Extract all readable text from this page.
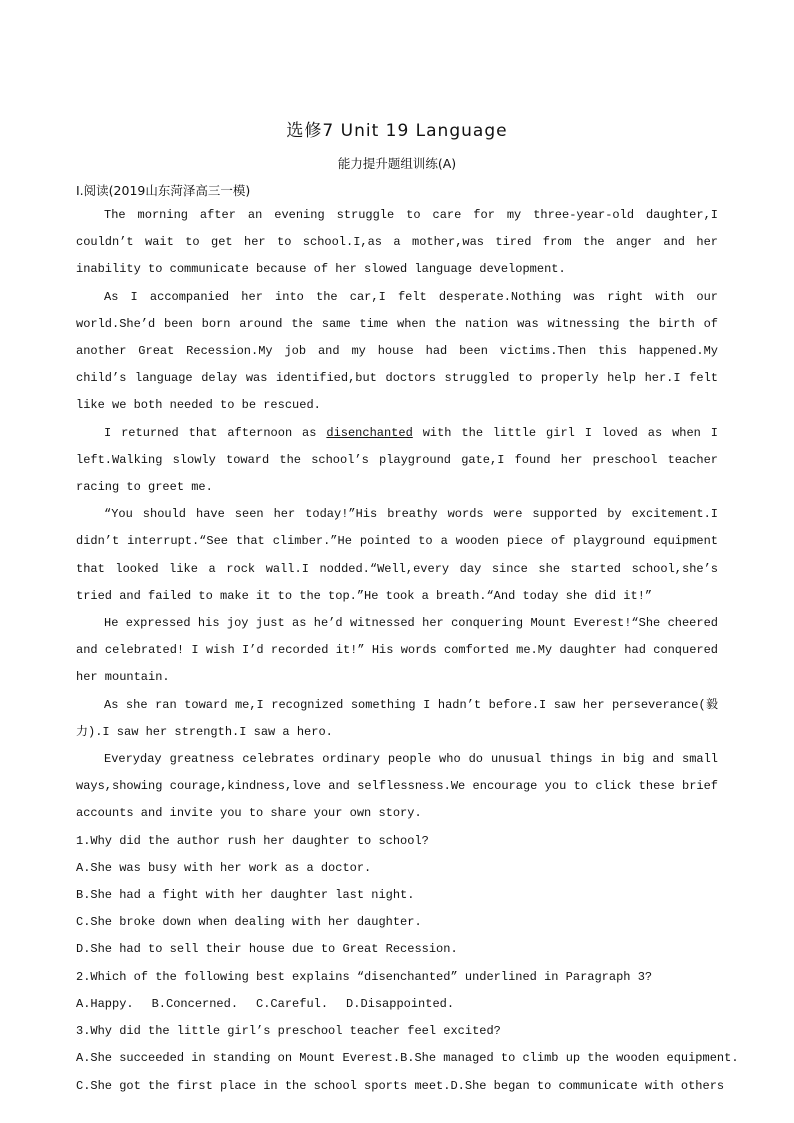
选修7 Unit 19 Language
能力提升题组训练(A)
Ⅰ.阅读(2019山东菏泽高三一模)

The morning after an evening struggle to care for my three-year-old daughter,I couldn’t wait to get her to school.I,as a mother,was tired from the anger and her inability to communicate because of her slowed language development.

As I accompanied her into the car,I felt desperate.Nothing was right with our world.She’d been born around the same time when the nation was witnessing the birth of another Great Recession.My job and my house had been victims.Then this happened.My child’s language delay was identified,but doctors struggled to properly help her.I felt like we both needed to be rescued.

I returned that afternoon as disenchanted with the little girl I loved as when I left.Walking slowly toward the school’s playground gate,I found her preschool teacher racing to greet me.

“You should have seen her today!”His breathy words were supported by excitement.I didn’t interrupt.“See that climber.”He pointed to a wooden piece of playground equipment that looked like a rock wall.I nodded.“Well,every day since she started school,she’s tried and failed to make it to the top.”He took a breath.“And today she did it!”

He expressed his joy just as he’d witnessed her conquering Mount Everest!“She cheered and celebrated! I wish I’d recorded it!” His words comforted me.My daughter had conquered her mountain.

As she ran toward me,I recognized something I hadn’t before.I saw her perseverance(毅力).I saw her strength.I saw a hero.

Everyday greatness celebrates ordinary people who do unusual things in big and small ways,showing courage,kindness,love and selflessness.We encourage you to click these brief accounts and invite you to share your own story.

1.Why did the author rush her daughter to school?

A.She was busy with her work as a doctor.

B.She had a fight with her daughter last night.

C.She broke down when dealing with her daughter.

D.She had to sell their house due to Great Recession.

2.Which of the following best explains “disenchanted” underlined in Paragraph 3?

A.Happy. B.Concerned. C.Careful. D.Disappointed.

3.Why did the little girl’s preschool teacher feel excited?

A.She succeeded in standing on Mount Everest. B.She managed to climb up the wooden equipment.
C.She got the first place in the school sports meet. D.She began to communicate with others
